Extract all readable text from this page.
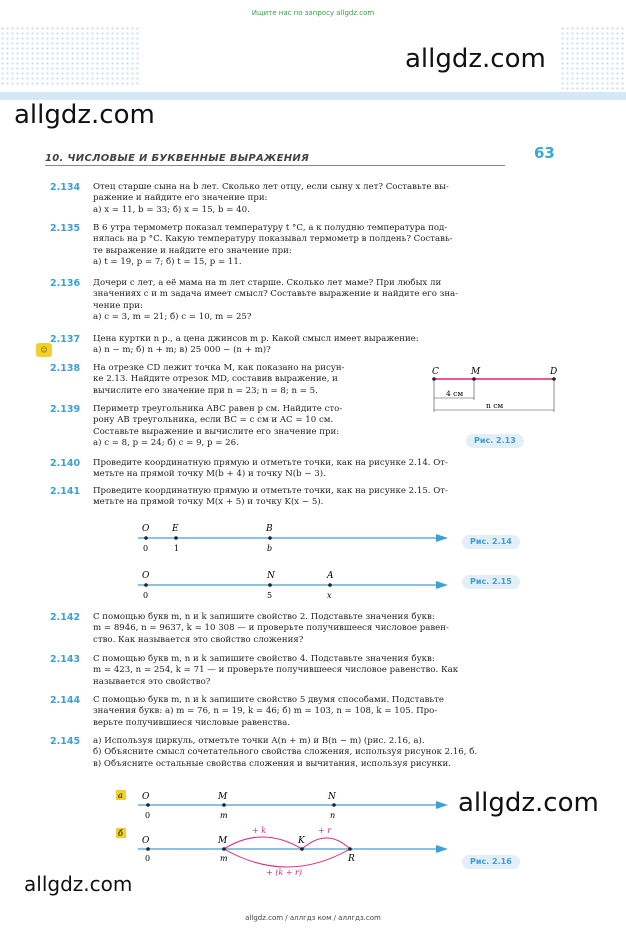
Ищите нас по запросу allgdz.com
allgdz.com
allgdz.com
10. ЧИСЛОВЫЕ И БУКВЕННЫЕ ВЫРАЖЕНИЯ	63
☺
2.134 Отец старше сына на b лет. Сколько лет отцу, если сыну x лет? Составьте вы-
ражение и найдите его значение при:
а) x = 11, b = 33; б) x = 15, b = 40.
2.135 В 6 утра термометр показал температуру t °С, а к полудню температура под-
нялась на p °С. Какую температуру показывал термометр в полдень? Составь-
те выражение и найдите его значение при:
а) t = 19, p = 7; б) t = 15, p = 11.
2.136 Дочери c лет, а её мама на m лет старше. Сколько лет маме? При любых ли
значениях c и m задача имеет смысл? Составьте выражение и найдите его зна-
чение при:
а) c = 3, m = 21; б) c = 10, m = 25?
2.137 Цена куртки n р., а цена джинсов m р. Какой смысл имеет выражение:
а) n − m; б) n + m; в) 25 000 − (n + m)?
2.138 На отрезке CD лежит точка M, как показано на рисун-
ке 2.13. Найдите отрезок MD, составив выражение, и
вычислите его значение при n = 23; n = 8; n = 5.
2.139 Периметр треугольника ABC равен p см. Найдите сто-
рону AB треугольника, если BC = c см и AC = 10 см.
Составьте выражение и вычислите его значение при:
а) c = 8, p = 24; б) c = 9, p = 26.
2.140 Проведите координатную прямую и отметьте точки, как на рисунке 2.14. От-
метьте на прямой точку M(b + 4) и точку N(b − 3).
2.141 Проведите координатную прямую и отметьте точки, как на рисунке 2.15. От-
метьте на прямой точку M(x + 5) и точку K(x − 5).
2.142 С помощью букв m, n и k запишите свойство 2. Подставьте значения букв:
m = 8946, n = 9637, k = 10 308 — и проверьте получившееся числовое равен-
ство. Как называется это свойство сложения?
2.143 С помощью букв m, n и k запишите свойство 4. Подставьте значения букв:
m = 423, n = 254, k = 71 — и проверьте получившееся числовое равенство. Как
называется это свойство?
2.144 С помощью букв m, n и k запишите свойство 5 двумя способами. Подставьте
значения букв: а) m = 76, n = 19, k = 46; б) m = 103, n = 108, k = 105. Про-
верьте получившиеся числовые равенства.
2.145 а) Используя циркуль, отметьте точки A(n + m) и B(n − m) (рис. 2.16, а).
б) Объясните смысл сочетательного свойства сложения, используя рисунок 2.16, б.
в) Объясните остальные свойства сложения и вычитания, используя рисунки.
C	M	D
4 см
n см
Рис. 2.13
O	E	B
0	1	b
Рис. 2.14
O	N	A
0	5	x
Рис. 2.15
а O	M	N
0	m	n
б
O	M	K
+ k	+ r
0	m	R
+ (k + r)
Рис. 2.16
allgdz.com
allgdz.com
allgdz.com / аллгдз ком / аллгдз.com
